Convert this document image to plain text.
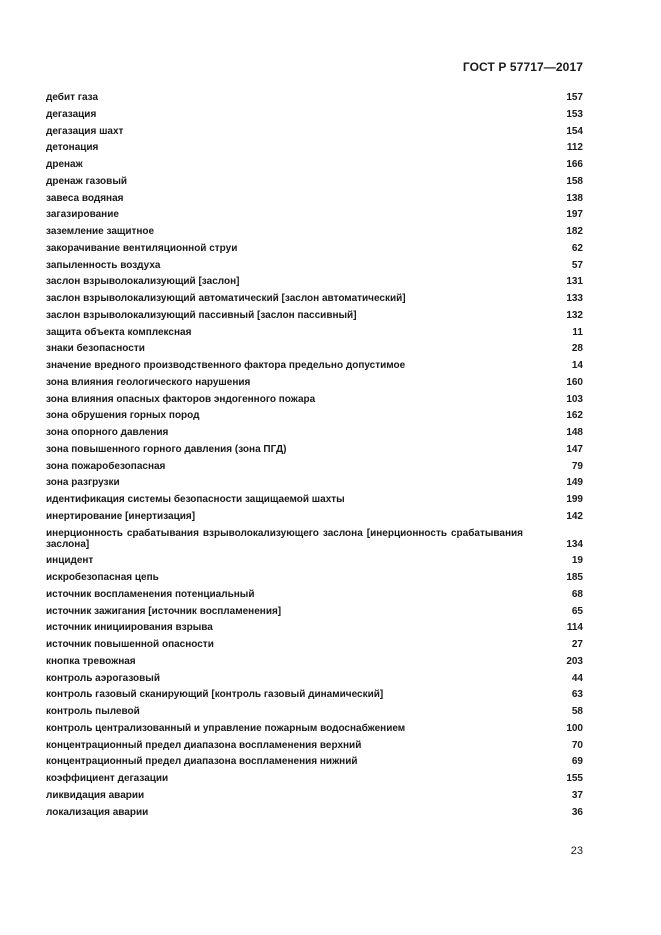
ГОСТ Р 57717—2017
дебит газа	157
дегазация	153
дегазация шахт	154
детонация	112
дренаж	166
дренаж газовый	158
завеса водяная	138
загазирование	197
заземление защитное	182
закорачивание вентиляционной струи	62
запыленность воздуха	57
заслон взрыволокализующий [заслон]	131
заслон взрыволокализующий автоматический [заслон автоматический]	133
заслон взрыволокализующий пассивный [заслон пассивный]	132
защита объекта комплексная	11
знаки безопасности	28
значение вредного производственного фактора предельно допустимое	14
зона влияния геологического нарушения	160
зона влияния опасных факторов эндогенного пожара	103
зона обрушения горных пород	162
зона опорного давления	148
зона повышенного горного давления (зона ПГД)	147
зона пожаробезопасная	79
зона разгрузки	149
идентификация системы безопасности защищаемой шахты	199
инертирование [инертизация]	142
инерционность срабатывания взрыволокализующего заслона [инерционность срабатывания заслона]	134
инцидент	19
искробезопасная цепь	185
источник воспламенения потенциальный	68
источник зажигания [источник воспламенения]	65
источник инициирования взрыва	114
источник повышенной опасности	27
кнопка тревожная	203
контроль аэрогазовый	44
контроль газовый сканирующий [контроль газовый динамический]	63
контроль пылевой	58
контроль централизованный и управление пожарным водоснабжением	100
концентрационный предел диапазона воспламенения верхний	70
концентрационный предел диапазона воспламенения нижний	69
коэффициент дегазации	155
ликвидация аварии	37
локализация аварии	36
23
